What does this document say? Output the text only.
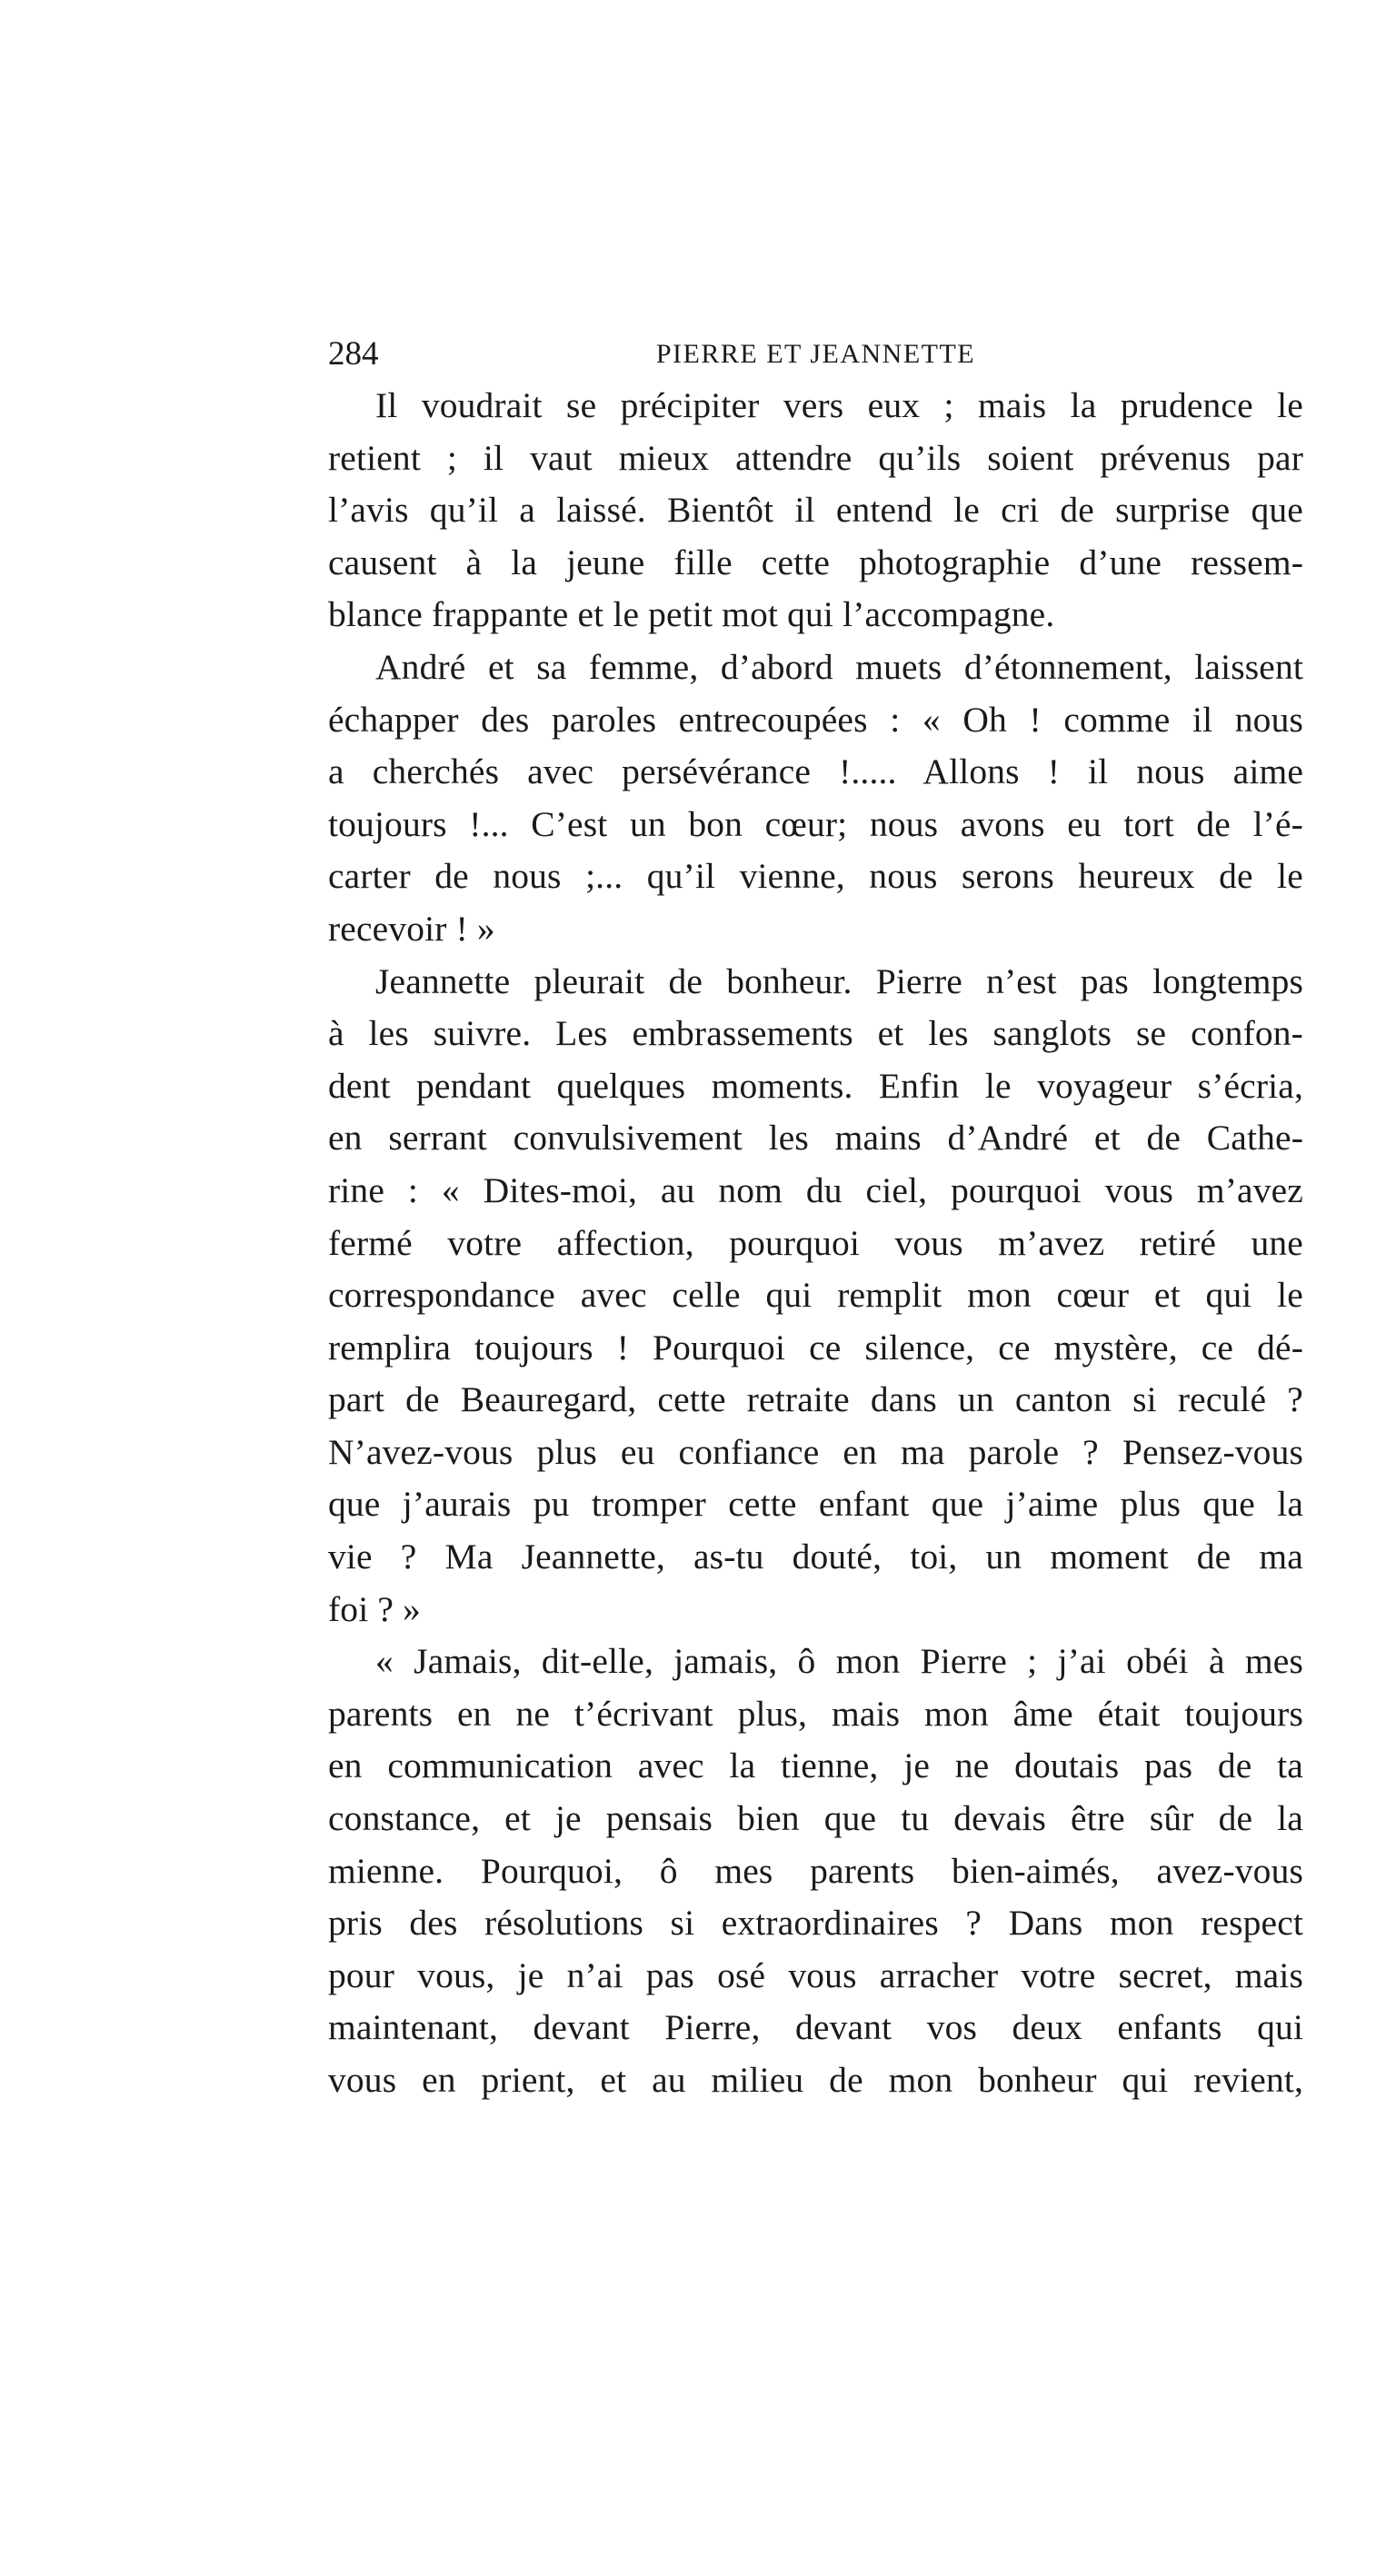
284	PIERRE ET JEANNETTE
Il voudrait se précipiter vers eux ; mais la prudence le
retient ; il vaut mieux attendre qu’ils soient prévenus par
l’avis qu’il a laissé. Bientôt il entend le cri de surprise que
causent à la jeune fille cette photographie d’une ressem-
blance frappante et le petit mot qui l’accompagne.
André et sa femme, d’abord muets d’étonnement, laissent
échapper des paroles entrecoupées : « Oh ! comme il nous
a cherchés avec persévérance !..... Allons ! il nous aime
toujours !... C’est un bon cœur; nous avons eu tort de l’é-
carter de nous ;... qu’il vienne, nous serons heureux de le
recevoir ! »
Jeannette pleurait de bonheur. Pierre n’est pas longtemps
à les suivre. Les embrassements et les sanglots se confon-
dent pendant quelques moments. Enfin le voyageur s’écria,
en serrant convulsivement les mains d’André et de Cathe-
rine : « Dites-moi, au nom du ciel, pourquoi vous m’avez
fermé votre affection, pourquoi vous m’avez retiré une
correspondance avec celle qui remplit mon cœur et qui le
remplira toujours ! Pourquoi ce silence, ce mystère, ce dé-
part de Beauregard, cette retraite dans un canton si reculé ?
N’avez-vous plus eu confiance en ma parole ? Pensez-vous
que j’aurais pu tromper cette enfant que j’aime plus que la
vie ? Ma Jeannette, as-tu douté, toi, un moment de ma
foi ? »
« Jamais, dit-elle, jamais, ô mon Pierre ; j’ai obéi à mes
parents en ne t’écrivant plus, mais mon âme était toujours
en communication avec la tienne, je ne doutais pas de ta
constance, et je pensais bien que tu devais être sûr de la
mienne. Pourquoi, ô mes parents bien-aimés, avez-vous
pris des résolutions si extraordinaires ? Dans mon respect
pour vous, je n’ai pas osé vous arracher votre secret, mais
maintenant, devant Pierre, devant vos deux enfants qui
vous en prient, et au milieu de mon bonheur qui revient,
